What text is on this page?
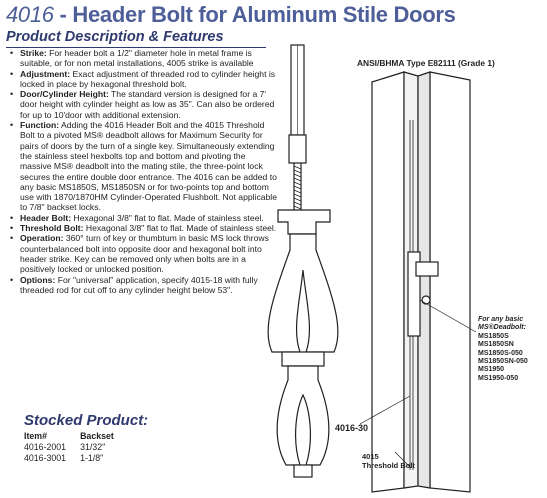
4016 - Header Bolt for Aluminum Stile Doors
Product Description & Features
• Strike: For header bolt a 1/2" diameter hole in metal frame is suitable, or for non metal installations, 4005 strike is available
• Adjustment: Exact adjustment of threaded rod to cylinder height is locked in place by hexagonal threshold bolt.
• Door/Cylinder Height: The standard version is designed for a 7' door height with cylinder height as low as 35". Can also be ordered for up to 10'door with additional extension.
• Function: Adding the 4016 Header Bolt and the 4015 Threshold Bolt to a pivoted MS® deadbolt allows for Maximum Security for pairs of doors by the turn of a single key. Simultaneously extending the stainless steel hexbolts top and bottom and pivoting the massive MS® deadbolt into the mating stile, the three-point lock secures the entire double door entrance. The 4016 can be added to any basic MS1850S, MS1850SN or for two-points top and bottom use with 1870/1870HM Cylinder-Operated Flushbolt. Not applicable to 7/8" backset locks.
• Header Bolt: Hexagonal 3/8" flat to flat. Made of stainless steel.
• Threshold Bolt: Hexagonal 3/8" flat to flat. Made of stainless steel.
• Operation: 360° turn of key or thumbtum in basic MS lock throws counterbalanced bolt into opposite door and hexagonal bolt into header strike. Key can be removed only when bolts are in a positively locked or unlocked position.
• Options: For "universal" application, specify 4015-18 with fully threaded rod for cut off to any cylinder height below 53".
Stocked Product:
Item#	Backset
4016-2001	31/32"
4016-3001	1-1/8"
ANSI/BHMA Type E82111 (Grade 1)
For any basic MS®Deadbolt:
MS1850S
MS1850SN
MS1850S-050
MS1850SN-050
MS1950
MS1950-050
4016-30
4015
Threshold Bolt
